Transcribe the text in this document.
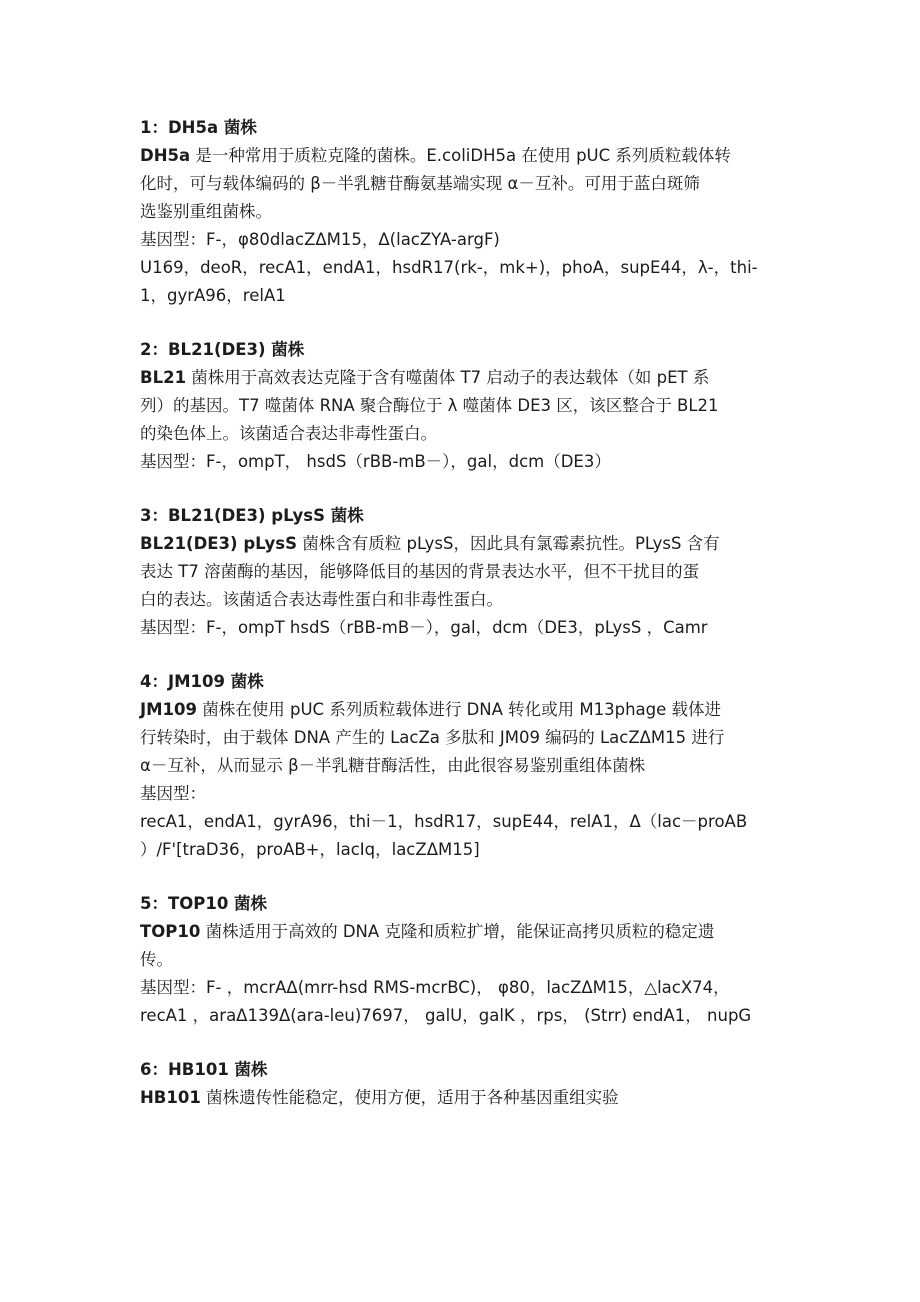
1：DH5a 菌株

DH5a 是一种常用于质粒克隆的菌株。E.coliDH5a 在使用 pUC 系列质粒载体转

化时，可与载体编码的 β－半乳糖苷酶氨基端实现 α－互补。可用于蓝白斑筛

选鉴别重组菌株。

基因型：F-，φ80dlacZΔM15，Δ(lacZYA-argF)

U169，deoR，recA1，endA1，hsdR17(rk-，mk+)，phoA，supE44，λ-，thi-

1，gyrA96，relA1

2：BL21(DE3) 菌株

BL21 菌株用于高效表达克隆于含有噬菌体 T7 启动子的表达载体（如 pET 系

列）的基因。T7 噬菌体 RNA 聚合酶位于 λ 噬菌体 DE3 区，该区整合于 BL21

的染色体上。该菌适合表达非毒性蛋白。

基因型：F-，ompT， hsdS（rBB-mB－），gal，dcm（DE3）

3：BL21(DE3) pLysS 菌株

BL21(DE3) pLysS 菌株含有质粒 pLysS，因此具有氯霉素抗性。PLysS 含有

表达 T7 溶菌酶的基因，能够降低目的基因的背景表达水平，但不干扰目的蛋

白的表达。该菌适合表达毒性蛋白和非毒性蛋白。

基因型：F-，ompT hsdS（rBB-mB－），gal，dcm（DE3，pLysS ，Camr

4：JM109 菌株

JM109 菌株在使用 pUC 系列质粒载体进行 DNA 转化或用 M13phage 载体进

行转染时，由于载体 DNA 产生的 LacZa 多肽和 JM09 编码的 LacZΔM15 进行

α－互补，从而显示 β－半乳糖苷酶活性，由此很容易鉴别重组体菌株

基因型：

recA1，endA1，gyrA96，thi－1，hsdR17，supE44，relA1，Δ（lac－proAB

）/F'[traD36，proAB+，lacIq，lacZΔM15]

5：TOP10 菌株

TOP10 菌株适用于高效的 DNA 克隆和质粒扩增，能保证高拷贝质粒的稳定遗

传。

基因型：F- ，mcrAΔ(mrr-hsd RMS-mcrBC)， φ80，lacZΔM15，△lacⅩ74，

recA1 ，araΔ139Δ(ara-leu)7697， galU，galK ，rps， (Strr) endA1， nupG

6：HB101 菌株

HB101 菌株遗传性能稳定，使用方便，适用于各种基因重组实验
